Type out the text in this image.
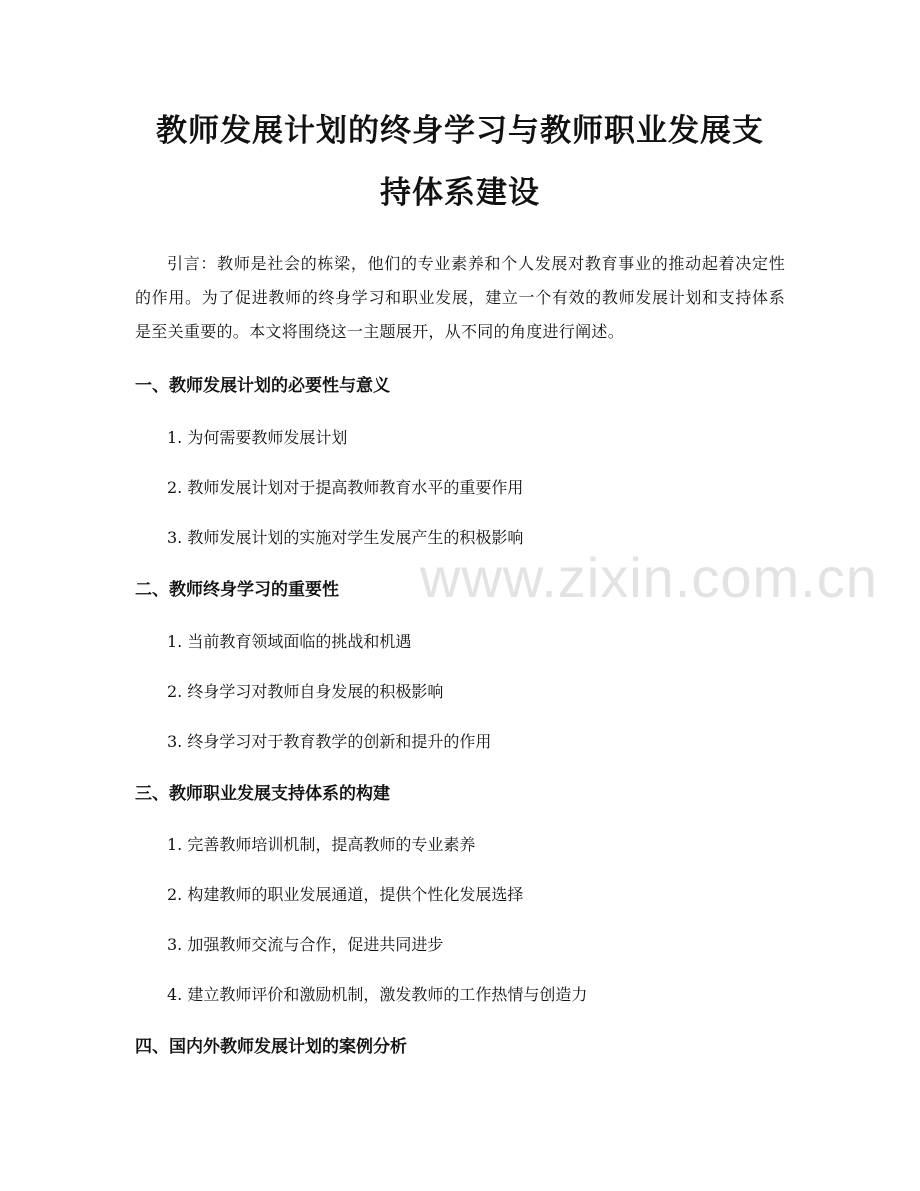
www.zixin.com.cn
教师发展计划的终身学习与教师职业发展支
持体系建设

引言：教师是社会的栋梁，他们的专业素养和个人发展对教育事业的推动起着决定性的作用。为了促进教师的终身学习和职业发展，建立一个有效的教师发展计划和支持体系是至关重要的。本文将围绕这一主题展开，从不同的角度进行阐述。

一、教师发展计划的必要性与意义

1. 为何需要教师发展计划

2. 教师发展计划对于提高教师教育水平的重要作用

3. 教师发展计划的实施对学生发展产生的积极影响

二、教师终身学习的重要性

1. 当前教育领域面临的挑战和机遇

2. 终身学习对教师自身发展的积极影响

3. 终身学习对于教育教学的创新和提升的作用

三、教师职业发展支持体系的构建

1. 完善教师培训机制，提高教师的专业素养

2. 构建教师的职业发展通道，提供个性化发展选择

3. 加强教师交流与合作，促进共同进步

4. 建立教师评价和激励机制，激发教师的工作热情与创造力

四、国内外教师发展计划的案例分析
